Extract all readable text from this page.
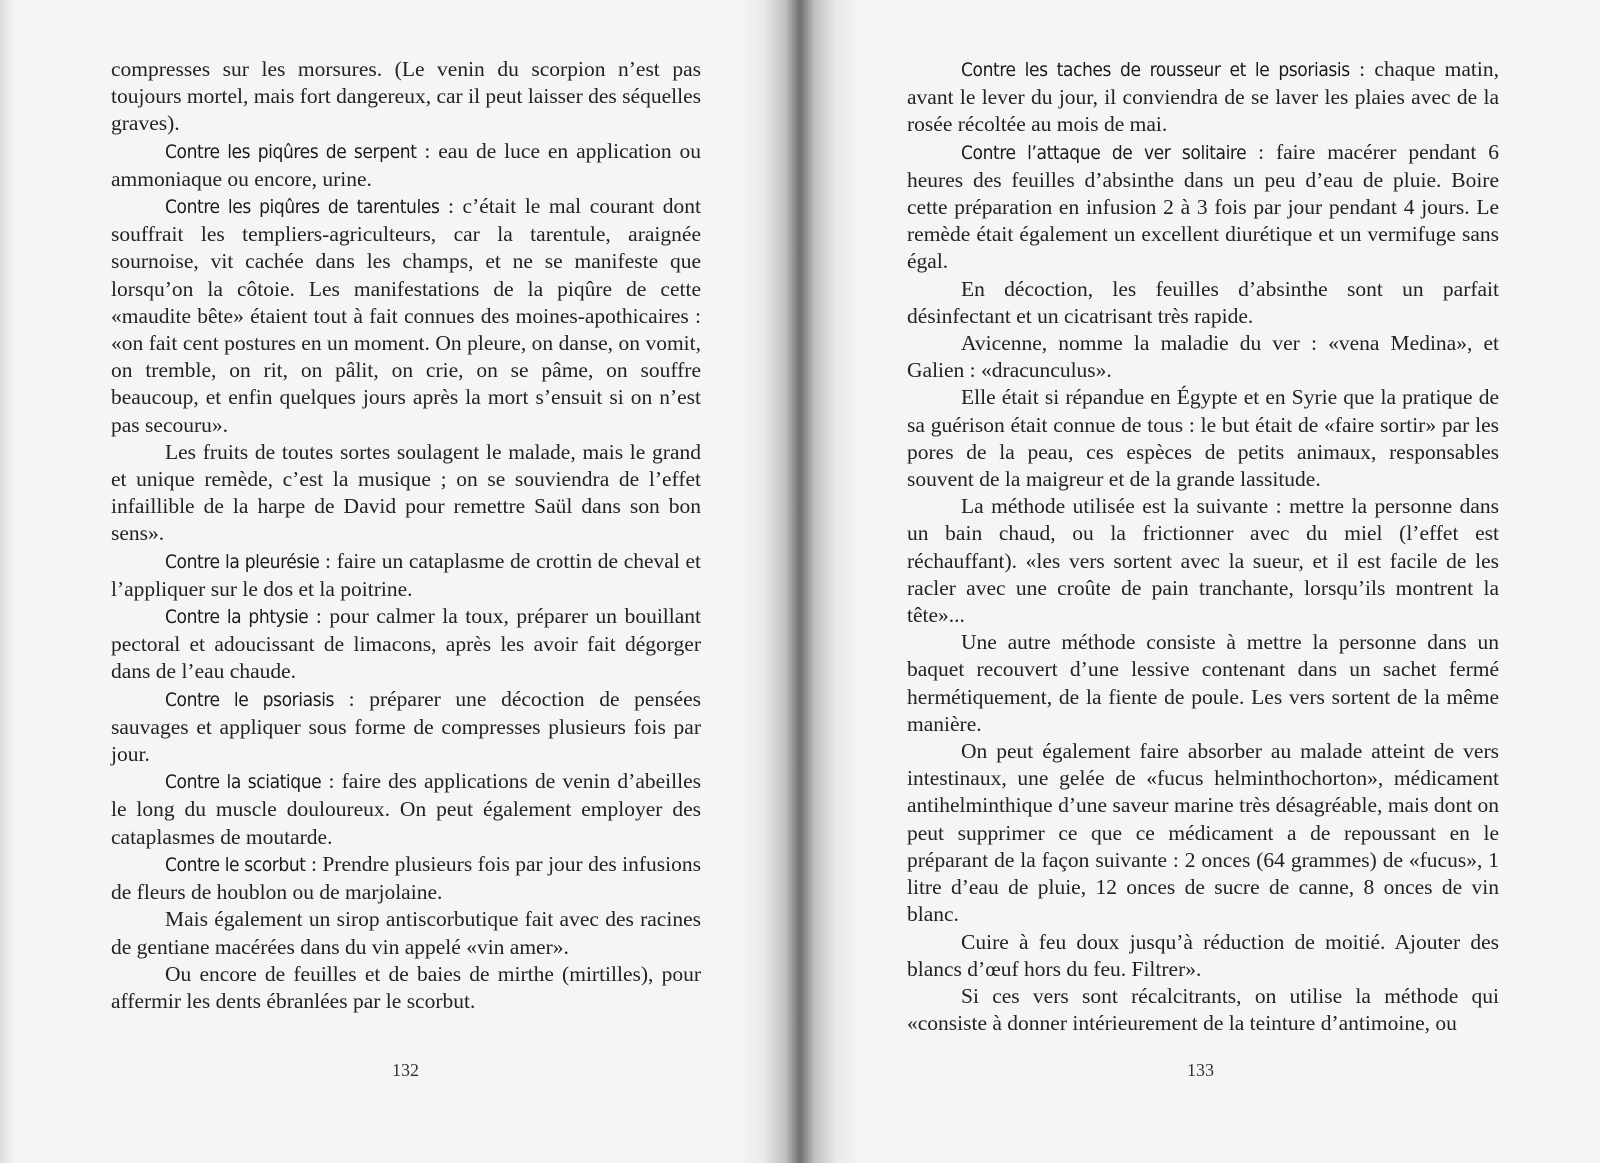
compresses sur les morsures. (Le venin du scorpion n’est pas toujours mortel, mais fort dangereux, car il peut laisser des séquelles graves).

Contre les piqûres de serpent : eau de luce en application ou ammoniaque ou encore, urine.

Contre les piqûres de tarentules : c’était le mal courant dont souffrait les templiers-agriculteurs, car la tarentule, araignée sournoise, vit cachée dans les champs, et ne se manifeste que lorsqu’on la côtoie. Les manifestations de la piqûre de cette «maudite bête» étaient tout à fait connues des moines-apothicaires : «on fait cent postures en un moment. On pleure, on danse, on vomit, on tremble, on rit, on pâlit, on crie, on se pâme, on souffre beaucoup, et enfin quelques jours après la mort s’ensuit si on n’est pas secouru».

Les fruits de toutes sortes soulagent le malade, mais le grand et unique remède, c’est la musique ; on se souviendra de l’effet infaillible de la harpe de David pour remettre Saül dans son bon sens».

Contre la pleurésie : faire un cataplasme de crottin de cheval et l’appliquer sur le dos et la poitrine.

Contre la phtysie : pour calmer la toux, préparer un bouillant pectoral et adoucissant de limacons, après les avoir fait dégorger dans de l’eau chaude.

Contre le psoriasis : préparer une décoction de pensées sauvages et appliquer sous forme de compresses plusieurs fois par jour.

Contre la sciatique : faire des applications de venin d’abeilles le long du muscle douloureux. On peut également employer des cataplasmes de moutarde.

Contre le scorbut : Prendre plusieurs fois par jour des infusions de fleurs de houblon ou de marjolaine.

Mais également un sirop antiscorbutique fait avec des racines de gentiane macérées dans du vin appelé «vin amer».

Ou encore de feuilles et de baies de mirthe (mirtilles), pour affermir les dents ébranlées par le scorbut.

132

Contre les taches de rousseur et le psoriasis : chaque matin, avant le lever du jour, il conviendra de se laver les plaies avec de la rosée récoltée au mois de mai.

Contre l’attaque de ver solitaire : faire macérer pendant 6 heures des feuilles d’absinthe dans un peu d’eau de pluie. Boire cette préparation en infusion 2 à 3 fois par jour pendant 4 jours. Le remède était également un excellent diurétique et un vermifuge sans égal.

En décoction, les feuilles d’absinthe sont un parfait désinfectant et un cicatrisant très rapide.

Avicenne, nomme la maladie du ver : «vena Medina», et Galien : «dracunculus».

Elle était si répandue en Égypte et en Syrie que la pratique de sa guérison était connue de tous : le but était de «faire sortir» par les pores de la peau, ces espèces de petits animaux, responsables souvent de la maigreur et de la grande lassitude.

La méthode utilisée est la suivante : mettre la personne dans un bain chaud, ou la frictionner avec du miel (l’effet est réchauffant). «les vers sortent avec la sueur, et il est facile de les racler avec une croûte de pain tranchante, lorsqu’ils montrent la tête»...

Une autre méthode consiste à mettre la personne dans un baquet recouvert d’une lessive contenant dans un sachet fermé hermétiquement, de la fiente de poule. Les vers sortent de la même manière.

On peut également faire absorber au malade atteint de vers intestinaux, une gelée de «fucus helminthochorton», médicament antihelminthique d’une saveur marine très désagréable, mais dont on peut supprimer ce que ce médicament a de repoussant en le préparant de la façon suivante : 2 onces (64 grammes) de «fucus», 1 litre d’eau de pluie, 12 onces de sucre de canne, 8 onces de vin blanc.

Cuire à feu doux jusqu’à réduction de moitié. Ajouter des blancs d’œuf hors du feu. Filtrer».

Si ces vers sont récalcitrants, on utilise la méthode qui «consiste à donner intérieurement de la teinture d’antimoine, ou

133
